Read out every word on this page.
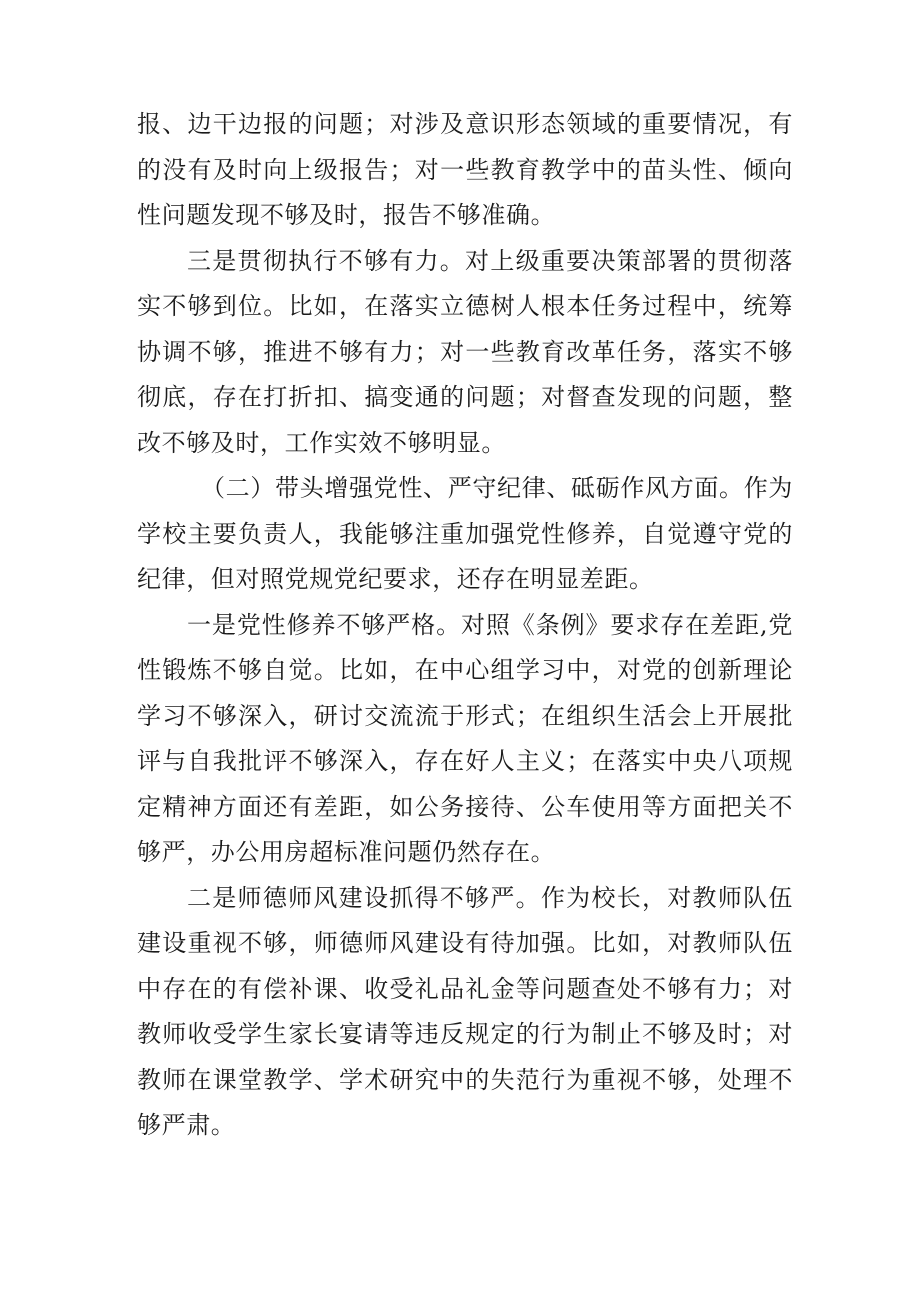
报、边干边报的问题；对涉及意识形态领域的重要情况，有的没有及时向上级报告；对一些教育教学中的苗头性、倾向性问题发现不够及时，报告不够准确。

三是贯彻执行不够有力。对上级重要决策部署的贯彻落实不够到位。比如，在落实立德树人根本任务过程中，统筹协调不够，推进不够有力；对一些教育改革任务，落实不够彻底，存在打折扣、搞变通的问题；对督查发现的问题，整改不够及时，工作实效不够明显。

（二）带头增强党性、严守纪律、砥砺作风方面。作为学校主要负责人，我能够注重加强党性修养，自觉遵守党的纪律，但对照党规党纪要求，还存在明显差距。

一是党性修养不够严格。对照《条例》要求存在差距,党性锻炼不够自觉。比如，在中心组学习中，对党的创新理论学习不够深入，研讨交流流于形式；在组织生活会上开展批评与自我批评不够深入，存在好人主义；在落实中央八项规定精神方面还有差距，如公务接待、公车使用等方面把关不够严，办公用房超标准问题仍然存在。

二是师德师风建设抓得不够严。作为校长，对教师队伍建设重视不够，师德师风建设有待加强。比如，对教师队伍中存在的有偿补课、收受礼品礼金等问题查处不够有力；对教师收受学生家长宴请等违反规定的行为制止不够及时；对教师在课堂教学、学术研究中的失范行为重视不够，处理不够严肃。
